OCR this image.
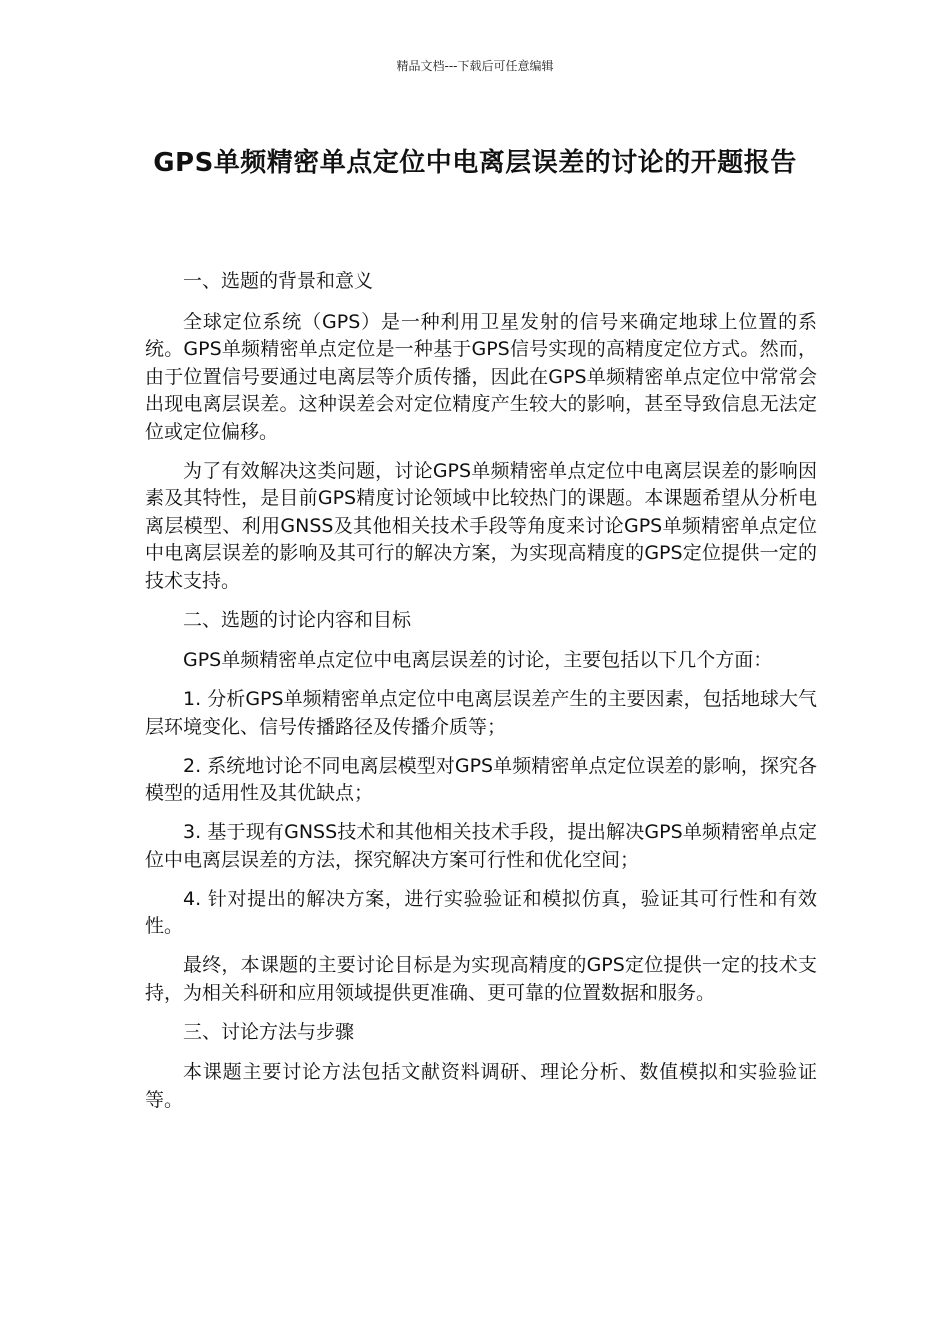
精品文档---下载后可任意编辑
GPS单频精密单点定位中电离层误差的讨论的开题报告

一、选题的背景和意义

全球定位系统（GPS）是一种利用卫星发射的信号来确定地球上位置的系统。GPS单频精密单点定位是一种基于GPS信号实现的高精度定位方式。然而，由于位置信号要通过电离层等介质传播，因此在GPS单频精密单点定位中常常会出现电离层误差。这种误差会对定位精度产生较大的影响，甚至导致信息无法定位或定位偏移。

为了有效解决这类问题，讨论GPS单频精密单点定位中电离层误差的影响因素及其特性，是目前GPS精度讨论领域中比较热门的课题。本课题希望从分析电离层模型、利用GNSS及其他相关技术手段等角度来讨论GPS单频精密单点定位中电离层误差的影响及其可行的解决方案，为实现高精度的GPS定位提供一定的技术支持。

二、选题的讨论内容和目标

GPS单频精密单点定位中电离层误差的讨论，主要包括以下几个方面：

1. 分析GPS单频精密单点定位中电离层误差产生的主要因素，包括地球大气层环境变化、信号传播路径及传播介质等；

2. 系统地讨论不同电离层模型对GPS单频精密单点定位误差的影响，探究各模型的适用性及其优缺点；

3. 基于现有GNSS技术和其他相关技术手段，提出解决GPS单频精密单点定位中电离层误差的方法，探究解决方案可行性和优化空间；

4. 针对提出的解决方案，进行实验验证和模拟仿真，验证其可行性和有效性。

最终，本课题的主要讨论目标是为实现高精度的GPS定位提供一定的技术支持，为相关科研和应用领域提供更准确、更可靠的位置数据和服务。

三、讨论方法与步骤

本课题主要讨论方法包括文献资料调研、理论分析、数值模拟和实验验证等。
